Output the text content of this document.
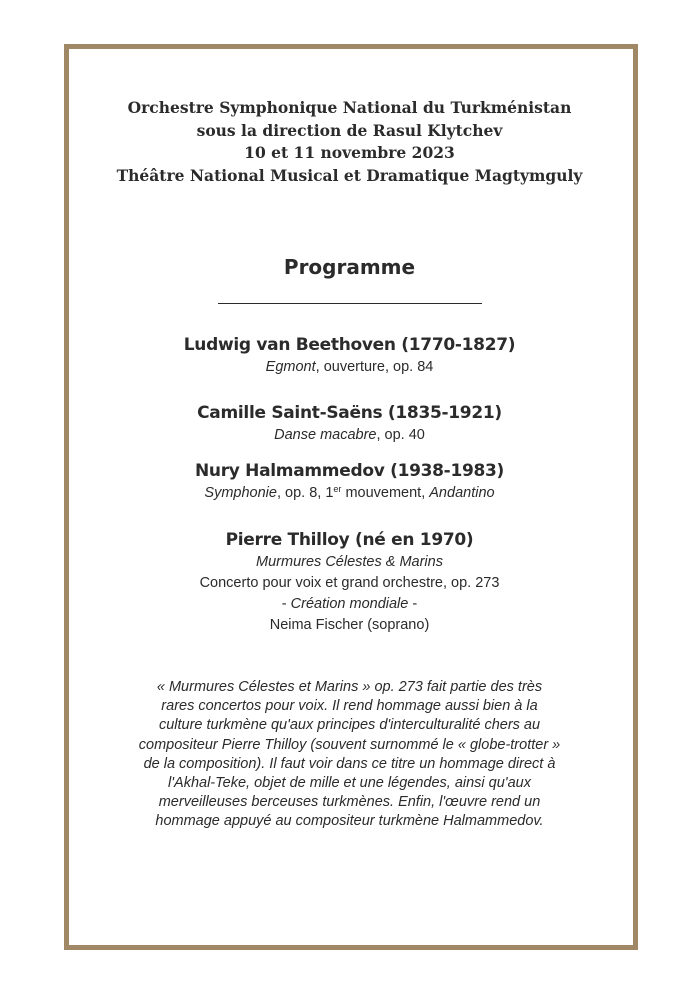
Orchestre Symphonique National du Turkménistan
sous la direction de Rasul Klytchev
10 et 11 novembre 2023
Théâtre National Musical et Dramatique Magtymguly
Programme
Ludwig van Beethoven (1770-1827)
Egmont, ouverture, op. 84
Camille Saint-Saëns (1835-1921)
Danse macabre, op. 40
Nury Halmammedov (1938-1983)
Symphonie, op. 8, 1er mouvement, Andantino
Pierre Thilloy (né en 1970)
Murmures Célestes & Marins
Concerto pour voix et grand orchestre, op. 273
- Création mondiale -
Neima Fischer (soprano)
« Murmures Célestes et Marins » op. 273 fait partie des très
rares concertos pour voix. Il rend hommage aussi bien à la
culture turkmène qu'aux principes d'interculturalité chers au
compositeur Pierre Thilloy (souvent surnommé le « globe-trotter »
de la composition). Il faut voir dans ce titre un hommage direct à
l'Akhal-Teke, objet de mille et une légendes, ainsi qu'aux
merveilleuses berceuses turkmènes. Enfin, l'œuvre rend un
hommage appuyé au compositeur turkmène Halmammedov.
